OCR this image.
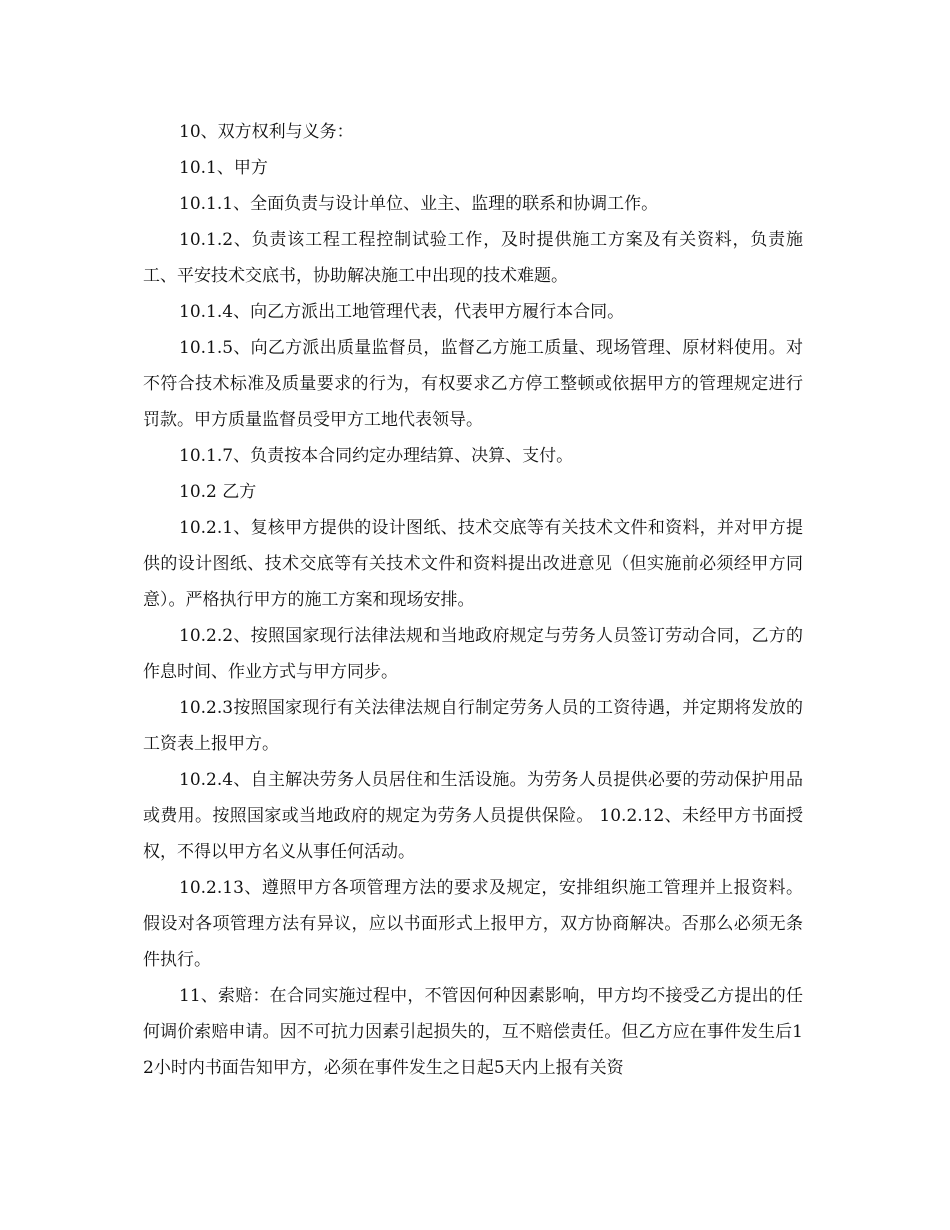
10、双方权利与义务：

10.1、甲方

10.1.1、全面负责与设计单位、业主、监理的联系和协调工作。

10.1.2、负责该工程工程控制试验工作，及时提供施工方案及有关资料，负责施工、平安技术交底书，协助解决施工中出现的技术难题。

10.1.4、向乙方派出工地管理代表，代表甲方履行本合同。

10.1.5、向乙方派出质量监督员，监督乙方施工质量、现场管理、原材料使用。对不符合技术标准及质量要求的行为，有权要求乙方停工整顿或依据甲方的管理规定进行罚款。甲方质量监督员受甲方工地代表领导。

10.1.7、负责按本合同约定办理结算、决算、支付。

10.2 乙方

10.2.1、复核甲方提供的设计图纸、技术交底等有关技术文件和资料，并对甲方提供的设计图纸、技术交底等有关技术文件和资料提出改进意见（但实施前必须经甲方同意）。严格执行甲方的施工方案和现场安排。

10.2.2、按照国家现行法律法规和当地政府规定与劳务人员签订劳动合同，乙方的作息时间、作业方式与甲方同步。

10.2.3按照国家现行有关法律法规自行制定劳务人员的工资待遇，并定期将发放的工资表上报甲方。

10.2.4、自主解决劳务人员居住和生活设施。为劳务人员提供必要的劳动保护用品或费用。按照国家或当地政府的规定为劳务人员提供保险。 10.2.12、未经甲方书面授权，不得以甲方名义从事任何活动。

10.2.13、遵照甲方各项管理方法的要求及规定，安排组织施工管理并上报资料。假设对各项管理方法有异议，应以书面形式上报甲方，双方协商解决。否那么必须无条件执行。

11、索赔：在合同实施过程中，不管因何种因素影响，甲方均不接受乙方提出的任何调价索赔申请。因不可抗力因素引起损失的，互不赔偿责任。但乙方应在事件发生后12小时内书面告知甲方，必须在事件发生之日起5天内上报有关资
